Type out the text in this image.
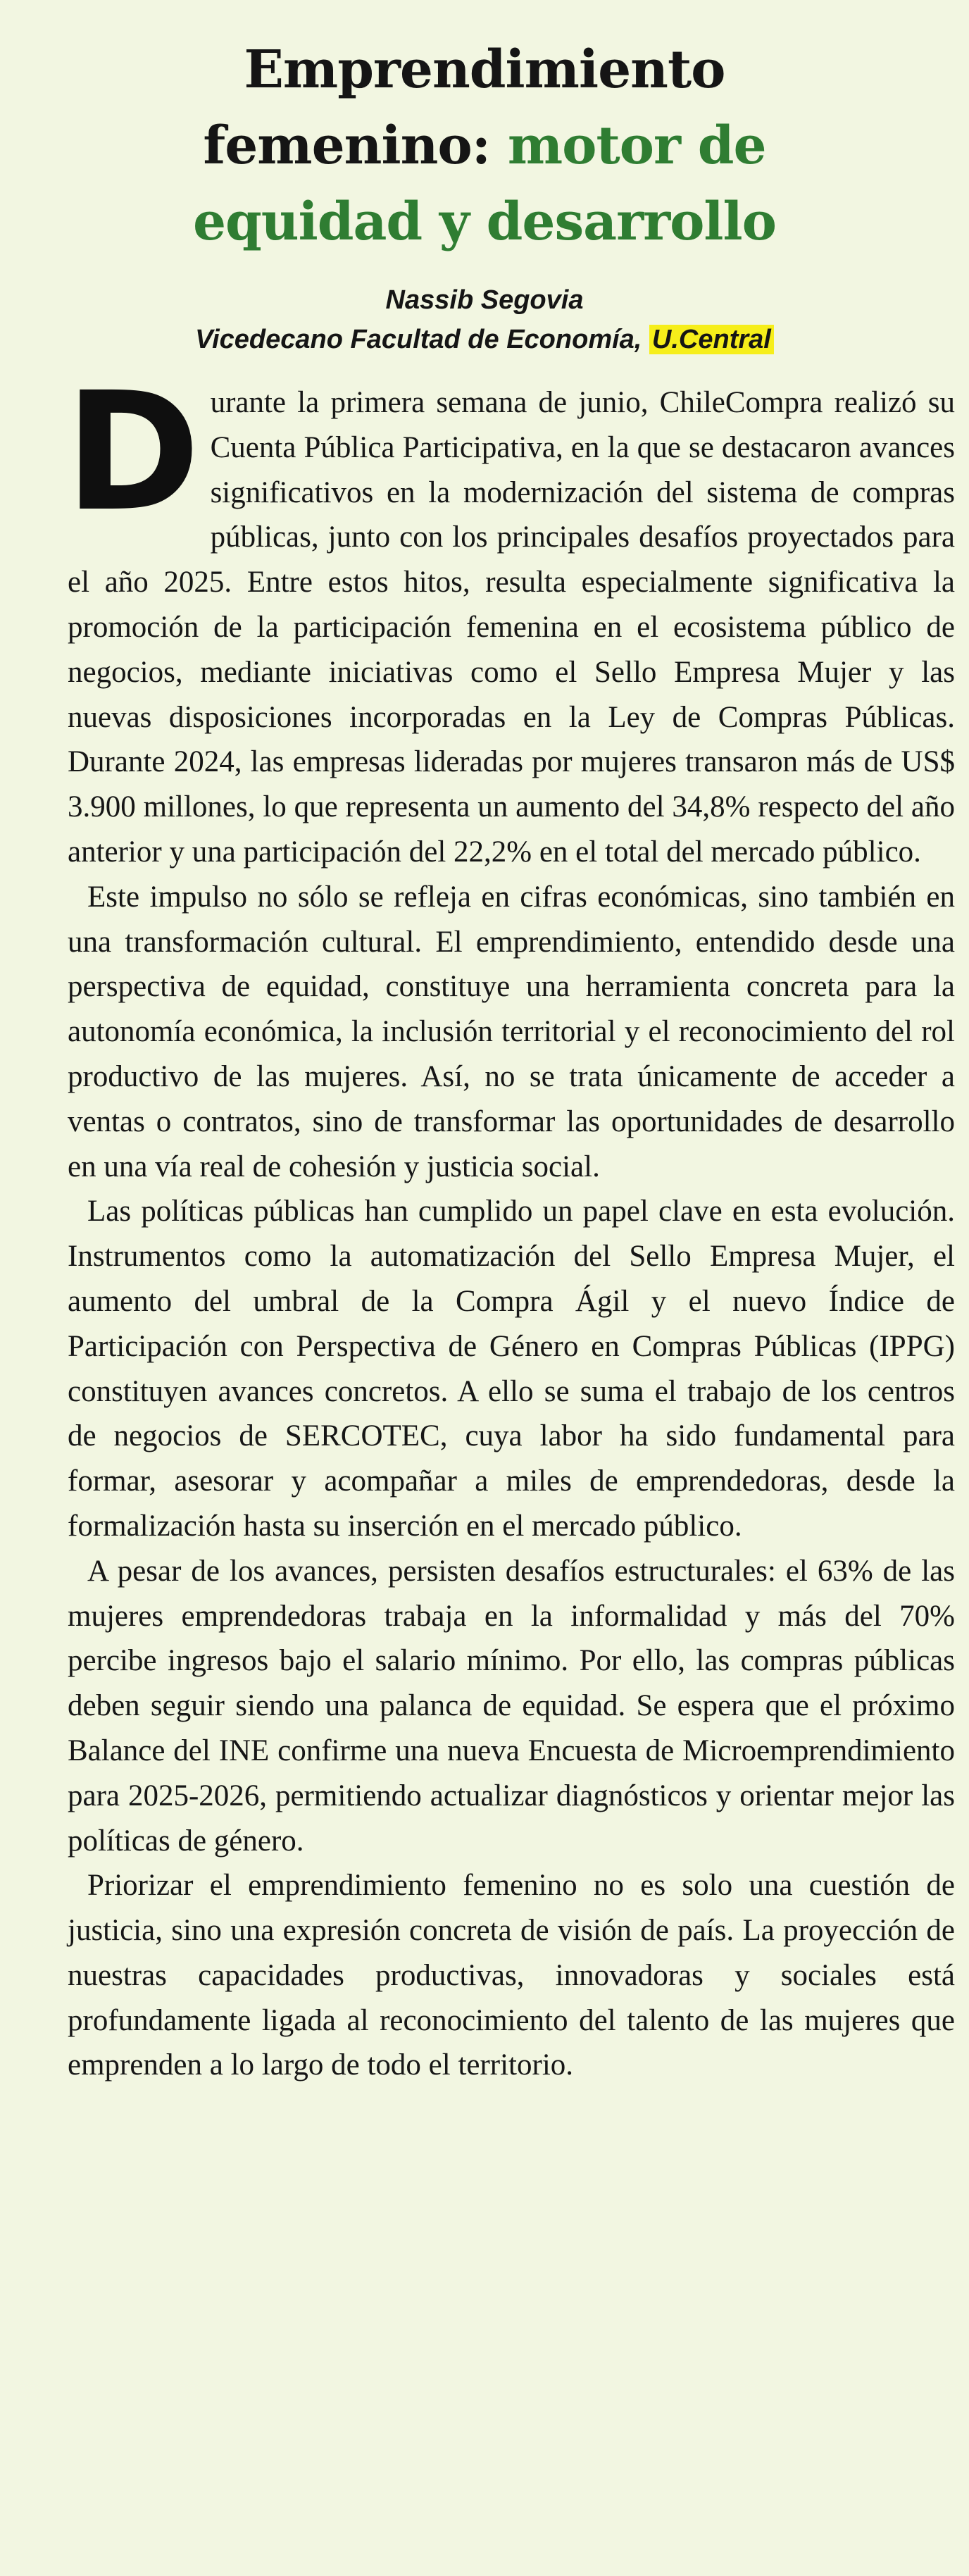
Emprendimiento
femenino: motor de
equidad y desarrollo
Nassib Segovia
Vicedecano Facultad de Economía, U.Central

Durante la primera semana de junio, ChileCompra realizó su Cuenta Pública Participativa, en la que se destacaron avances significativos en la modernización del sistema de compras públicas, junto con los principales desafíos proyectados para el año 2025. Entre estos hitos, resulta especialmente significativa la promoción de la participación femenina en el ecosistema público de negocios, mediante iniciativas como el Sello Empresa Mujer y las nuevas disposiciones incorporadas en la Ley de Compras Públicas. Durante 2024, las empresas lideradas por mujeres transaron más de US$ 3.900 millones, lo que representa un aumento del 34,8% respecto del año anterior y una participación del 22,2% en el total del mercado público.

Este impulso no sólo se refleja en cifras económicas, sino también en una transformación cultural. El emprendimiento, entendido desde una perspectiva de equidad, constituye una herramienta concreta para la autonomía económica, la inclusión territorial y el reconocimiento del rol productivo de las mujeres. Así, no se trata únicamente de acceder a ventas o contratos, sino de transformar las oportunidades de desarrollo en una vía real de cohesión y justicia social.

Las políticas públicas han cumplido un papel clave en esta evolución. Instrumentos como la automatización del Sello Empresa Mujer, el aumento del umbral de la Compra Ágil y el nuevo Índice de Participación con Perspectiva de Género en Compras Públicas (IPPG) constituyen avances concretos. A ello se suma el trabajo de los centros de negocios de SERCOTEC, cuya labor ha sido fundamental para formar, asesorar y acompañar a miles de emprendedoras, desde la formalización hasta su inserción en el mercado público.

A pesar de los avances, persisten desafíos estructurales: el 63% de las mujeres emprendedoras trabaja en la informalidad y más del 70% percibe ingresos bajo el salario mínimo. Por ello, las compras públicas deben seguir siendo una palanca de equidad. Se espera que el próximo Balance del INE confirme una nueva Encuesta de Microemprendimiento para 2025-2026, permitiendo actualizar diagnósticos y orientar mejor las políticas de género.

Priorizar el emprendimiento femenino no es solo una cuestión de justicia, sino una expresión concreta de visión de país. La proyección de nuestras capacidades productivas, innovadoras y sociales está profundamente ligada al reconocimiento del talento de las mujeres que emprenden a lo largo de todo el territorio.
